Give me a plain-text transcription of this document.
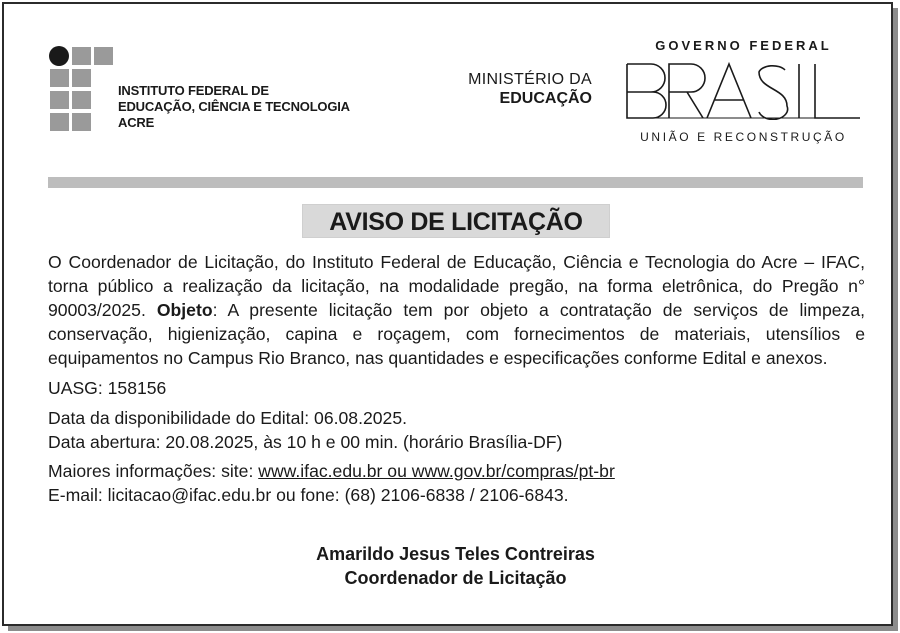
INSTITUTO FEDERAL DE
EDUCAÇÃO, CIÊNCIA E TECNOLOGIA
ACRE
MINISTÉRIO DA
EDUCAÇÃO
GOVERNO FEDERAL
UNIÃO E RECONSTRUÇÃO
AVISO DE LICITAÇÃO
O Coordenador de Licitação, do Instituto Federal de Educação, Ciência e Tecnologia do Acre – IFAC, torna público a realização da licitação, na modalidade pregão, na forma eletrônica, do Pregão n° 90003/2025. Objeto: A presente licitação tem por objeto a contratação de serviços de limpeza, conservação, higienização, capina e roçagem, com fornecimentos de materiais, utensílios e equipamentos no Campus Rio Branco, nas quantidades e especificações conforme Edital e anexos.
UASG: 158156
Data da disponibilidade do Edital: 06.08.2025.
Data abertura: 20.08.2025, às 10 h e 00 min. (horário Brasília-DF)
Maiores informações: site: www.ifac.edu.br ou www.gov.br/compras/pt-br
E-mail: licitacao@ifac.edu.br ou fone: (68) 2106-6838 / 2106-6843.
Amarildo Jesus Teles Contreiras
Coordenador de Licitação
